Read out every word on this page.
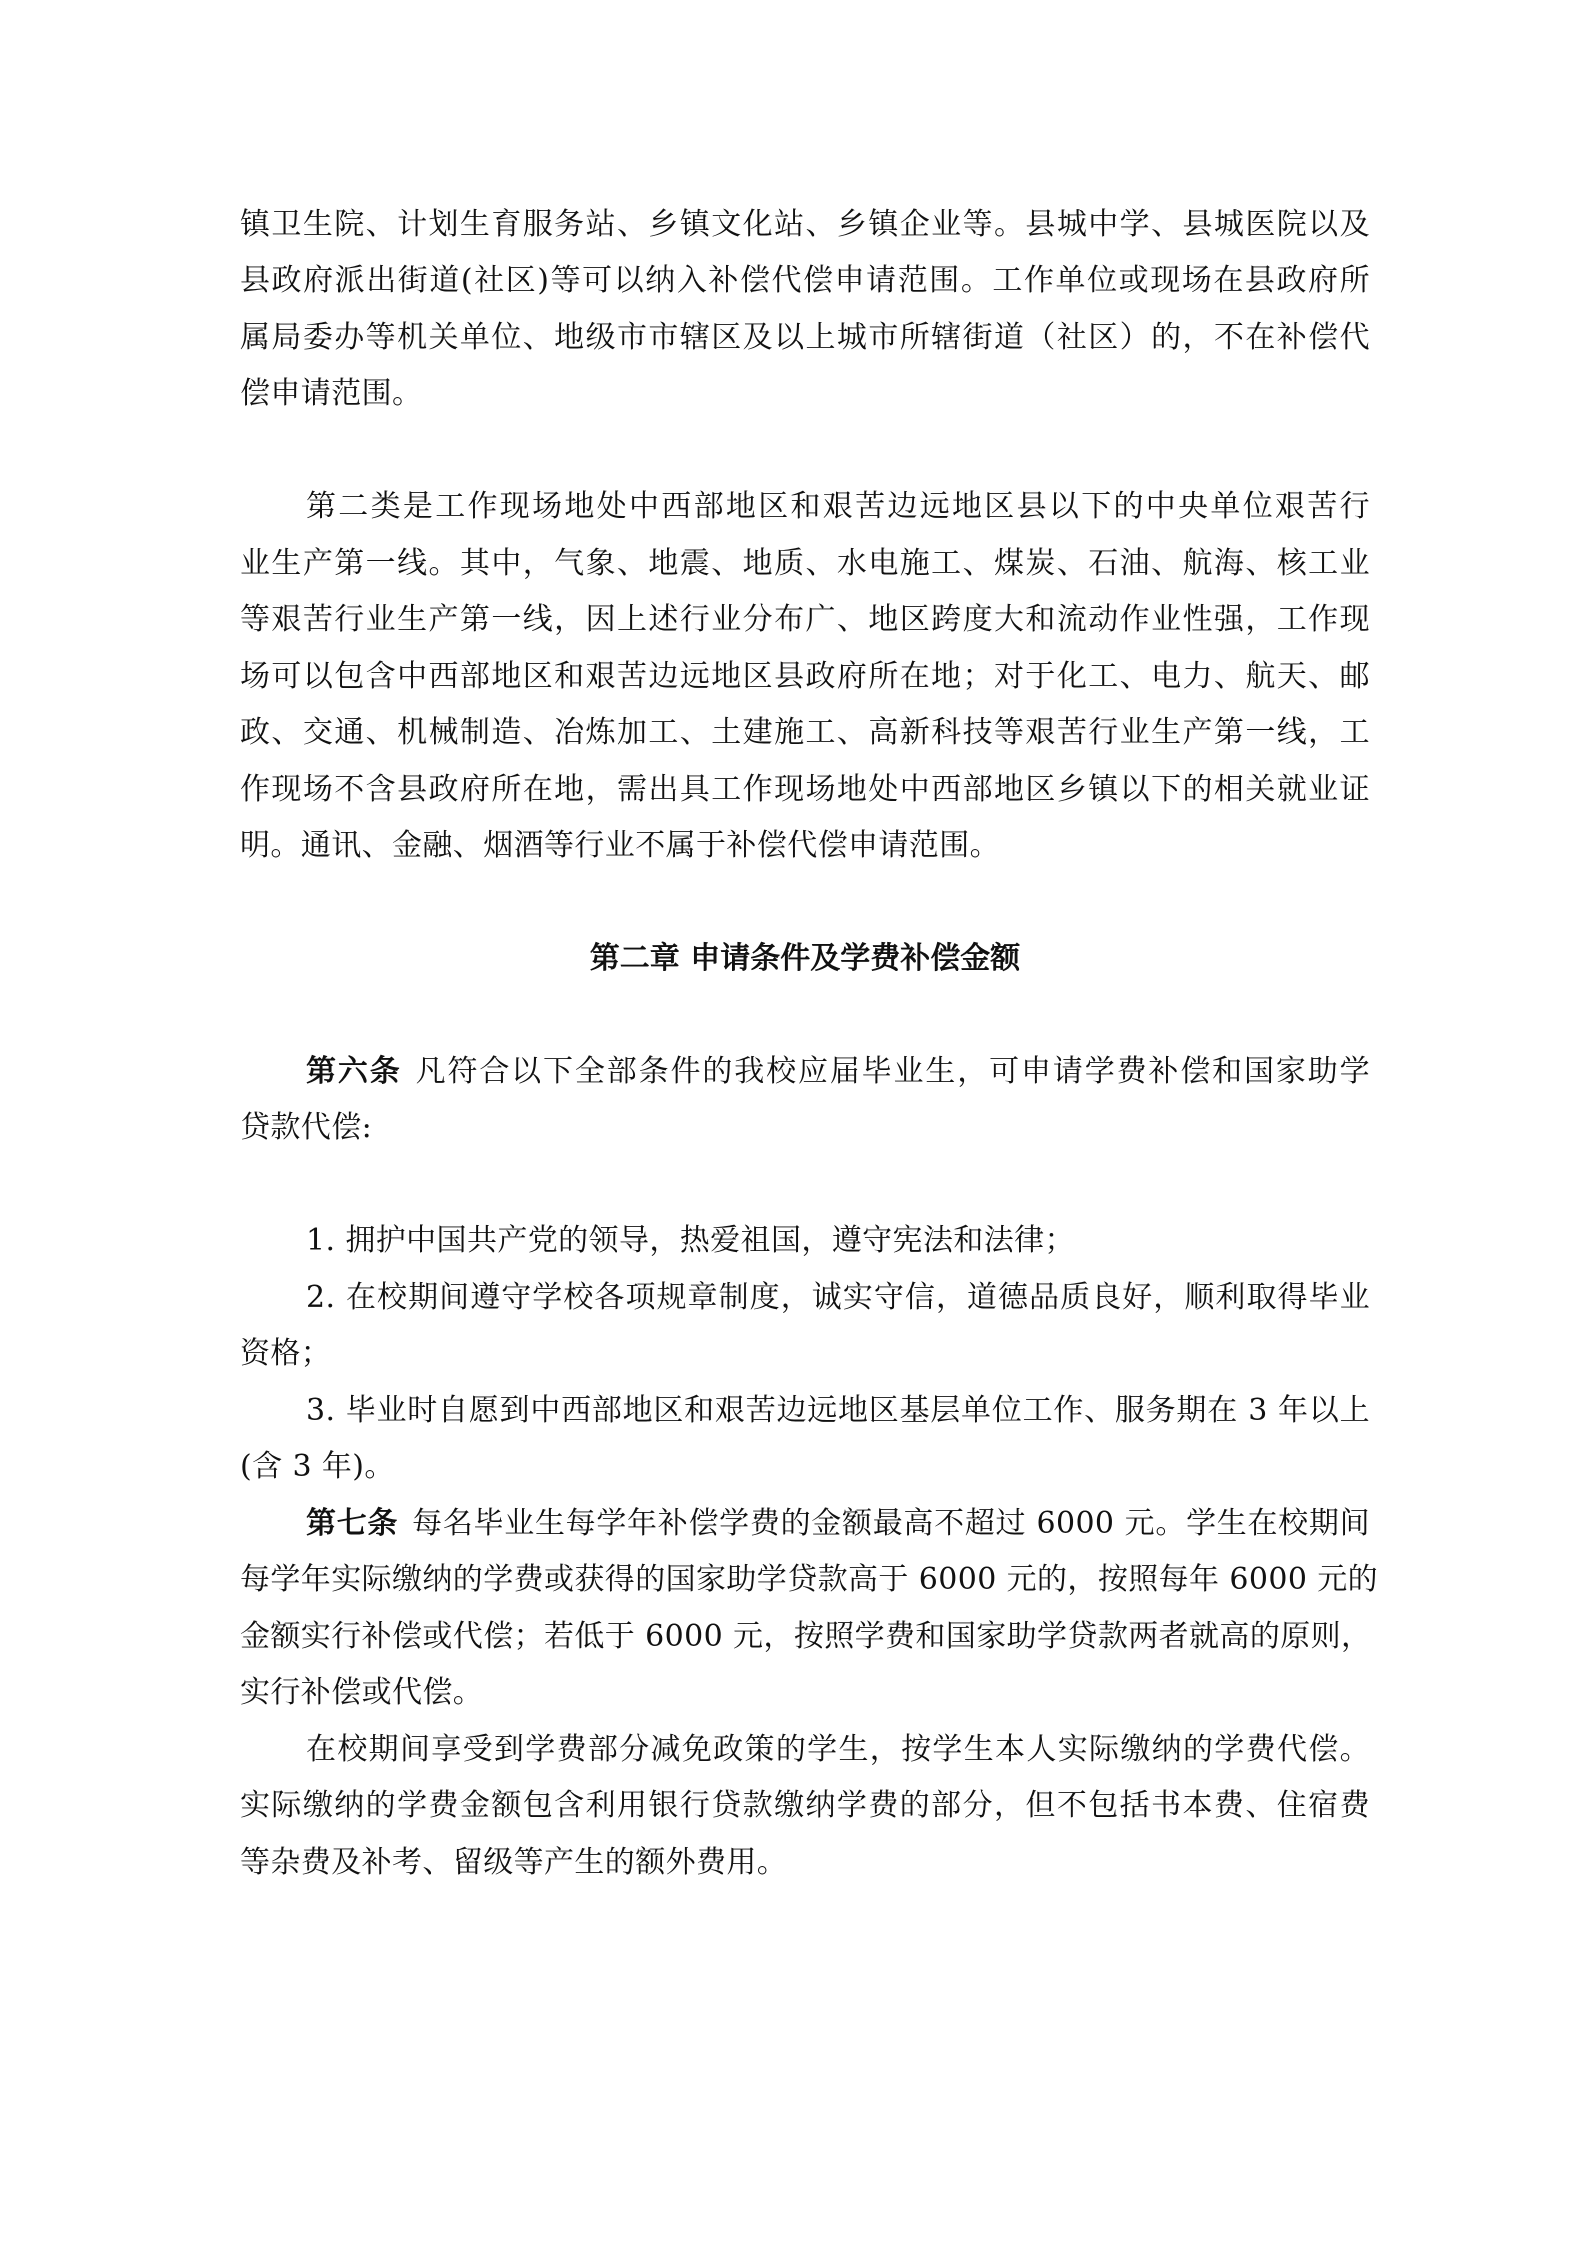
镇卫生院、计划生育服务站、乡镇文化站、乡镇企业等。县城中学、县城医院以及
县政府派出街道(社区)等可以纳入补偿代偿申请范围。工作单位或现场在县政府所
属局委办等机关单位、地级市市辖区及以上城市所辖街道（社区）的，不在补偿代
偿申请范围。
第二类是工作现场地处中西部地区和艰苦边远地区县以下的中央单位艰苦行
业生产第一线。其中，气象、地震、地质、水电施工、煤炭、石油、航海、核工业
等艰苦行业生产第一线，因上述行业分布广、地区跨度大和流动作业性强，工作现
场可以包含中西部地区和艰苦边远地区县政府所在地；对于化工、电力、航天、邮
政、交通、机械制造、冶炼加工、土建施工、高新科技等艰苦行业生产第一线，工
作现场不含县政府所在地，需出具工作现场地处中西部地区乡镇以下的相关就业证
明。通讯、金融、烟酒等行业不属于补偿代偿申请范围。
第二章 申请条件及学费补偿金额
第六条 凡符合以下全部条件的我校应届毕业生，可申请学费补偿和国家助学
贷款代偿:
1. 拥护中国共产党的领导，热爱祖国，遵守宪法和法律；
2. 在校期间遵守学校各项规章制度，诚实守信，道德品质良好，顺利取得毕业
资格；
3. 毕业时自愿到中西部地区和艰苦边远地区基层单位工作、服务期在 3 年以上
(含 3 年)。
第七条 每名毕业生每学年补偿学费的金额最高不超过 6000 元。学生在校期间
每学年实际缴纳的学费或获得的国家助学贷款高于 6000 元的，按照每年 6000 元的
金额实行补偿或代偿；若低于 6000 元，按照学费和国家助学贷款两者就高的原则，
实行补偿或代偿。
在校期间享受到学费部分减免政策的学生，按学生本人实际缴纳的学费代偿。
实际缴纳的学费金额包含利用银行贷款缴纳学费的部分，但不包括书本费、住宿费
等杂费及补考、留级等产生的额外费用。
